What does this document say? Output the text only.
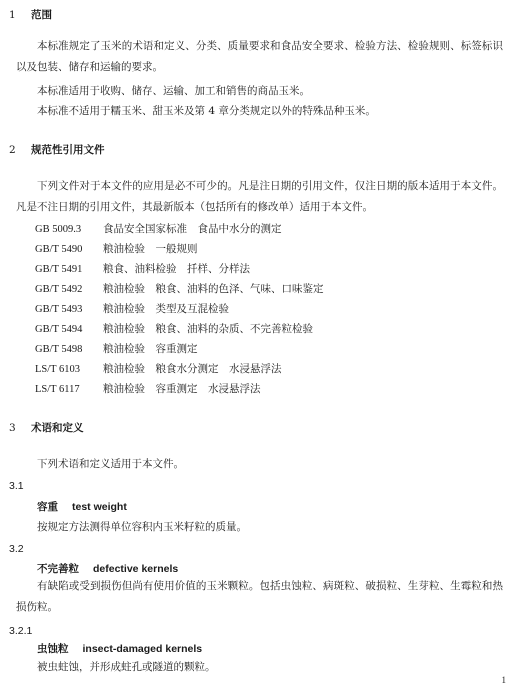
1 范围
本标准规定了玉米的术语和定义、分类、质量要求和食品安全要求、检验方法、检验规则、标签标识以及包装、储存和运输的要求。
本标准适用于收购、储存、运输、加工和销售的商品玉米。
本标准不适用于糯玉米、甜玉米及第 4 章分类规定以外的特殊品种玉米。
2 规范性引用文件
下列文件对于本文件的应用是必不可少的。凡是注日期的引用文件，仅注日期的版本适用于本文件。凡是不注日期的引用文件，其最新版本（包括所有的修改单）适用于本文件。
GB 5009.3 食品安全国家标准　食品中水分的测定
GB/T 5490 粮油检验　一般规则
GB/T 5491 粮食、油料检验　扦样、分样法
GB/T 5492 粮油检验　粮食、油料的色泽、气味、口味鉴定
GB/T 5493 粮油检验　类型及互混检验
GB/T 5494 粮油检验　粮食、油料的杂质、不完善粒检验
GB/T 5498 粮油检验　容重测定
LS/T 6103 粮油检验　粮食水分测定　水浸悬浮法
LS/T 6117 粮油检验　容重测定　水浸悬浮法
3 术语和定义
下列术语和定义适用于本文件。
3.1
容重 test weight
按规定方法测得单位容积内玉米籽粒的质量。
3.2
不完善粒 defective kernels
有缺陷或受到损伤但尚有使用价值的玉米颗粒。包括虫蚀粒、病斑粒、破损粒、生芽粒、生霉粒和热损伤粒。
3.2.1
虫蚀粒 insect-damaged kernels
被虫蛀蚀，并形成蛀孔或隧道的颗粒。
1
